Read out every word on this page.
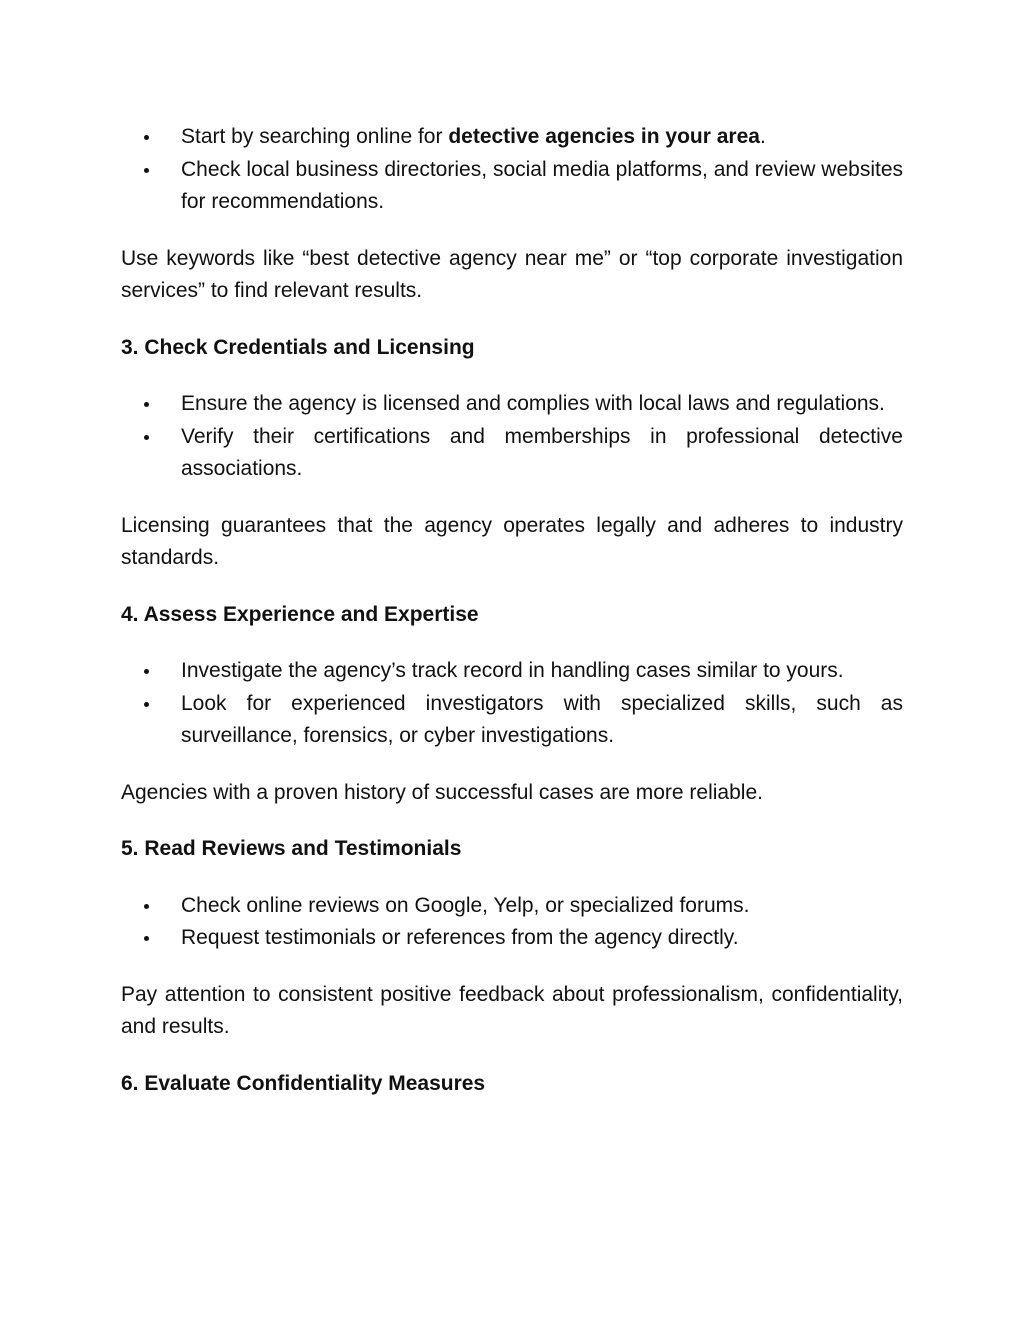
Start by searching online for detective agencies in your area.
Check local business directories, social media platforms, and review websites for recommendations.

Use keywords like “best detective agency near me” or “top corporate investigation services” to find relevant results.

3. Check Credentials and Licensing
Ensure the agency is licensed and complies with local laws and regulations.
Verify their certifications and memberships in professional detective associations.

Licensing guarantees that the agency operates legally and adheres to industry standards.

4. Assess Experience and Expertise
Investigate the agency’s track record in handling cases similar to yours.
Look for experienced investigators with specialized skills, such as surveillance, forensics, or cyber investigations.

Agencies with a proven history of successful cases are more reliable.

5. Read Reviews and Testimonials
Check online reviews on Google, Yelp, or specialized forums.
Request testimonials or references from the agency directly.

Pay attention to consistent positive feedback about professionalism, confidentiality, and results.

6. Evaluate Confidentiality Measures
